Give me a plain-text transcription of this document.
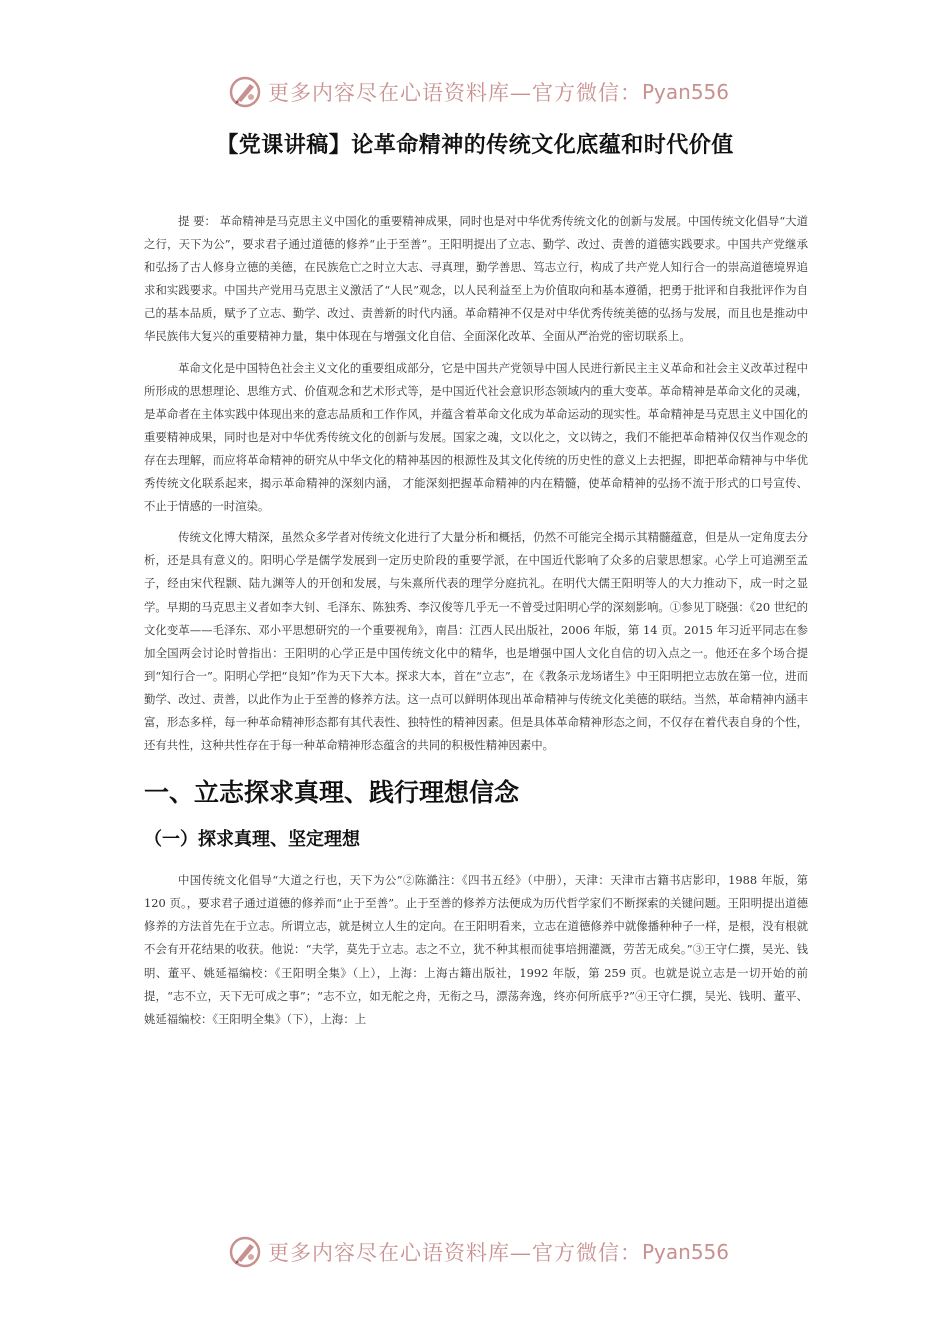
更多内容尽在心语资料库—官方微信： Pyan556
【党课讲稿】论革命精神的传统文化底蕴和时代价值

提 要： 革命精神是马克思主义中国化的重要精神成果，同时也是对中华优秀传统文化的创新与发展。中国传统文化倡导“大道之行，天下为公”，要求君子通过道德的修养“止于至善”。王阳明提出了立志、勤学、改过、责善的道德实践要求。中国共产党继承和弘扬了古人修身立德的美德，在民族危亡之时立大志、寻真理，勤学善思、笃志立行，构成了共产党人知行合一的崇高道德境界追求和实践要求。中国共产党用马克思主义激活了“人民”观念，以人民利益至上为价值取向和基本遵循，把勇于批评和自我批评作为自己的基本品质，赋予了立志、勤学、改过、责善新的时代内涵。革命精神不仅是对中华优秀传统美德的弘扬与发展，而且也是推动中华民族伟大复兴的重要精神力量，集中体现在与增强文化自信、全面深化改革、全面从严治党的密切联系上。

革命文化是中国特色社会主义文化的重要组成部分，它是中国共产党领导中国人民进行新民主主义革命和社会主义改革过程中所形成的思想理论、思维方式、价值观念和艺术形式等，是中国近代社会意识形态领域内的重大变革。革命精神是革命文化的灵魂，是革命者在主体实践中体现出来的意志品质和工作作风，并蕴含着革命文化成为革命运动的现实性。革命精神是马克思主义中国化的重要精神成果，同时也是对中华优秀传统文化的创新与发展。国家之魂，文以化之，文以铸之，我们不能把革命精神仅仅当作观念的存在去理解，而应将革命精神的研究从中华文化的精神基因的根源性及其文化传统的历史性的意义上去把握，即把革命精神与中华优秀传统文化联系起来，揭示革命精神的深刻内涵， 才能深刻把握革命精神的内在精髓，使革命精神的弘扬不流于形式的口号宣传、不止于情感的一时渲染。

传统文化博大精深，虽然众多学者对传统文化进行了大量分析和概括，仍然不可能完全揭示其精髓蕴意，但是从一定角度去分析，还是具有意义的。阳明心学是儒学发展到一定历史阶段的重要学派，在中国近代影响了众多的启蒙思想家。心学上可追溯至孟子，经由宋代程颢、陆九渊等人的开创和发展，与朱熹所代表的理学分庭抗礼。在明代大儒王阳明等人的大力推动下，成一时之显学。早期的马克思主义者如李大钊、毛泽东、陈独秀、李汉俊等几乎无一不曾受过阳明心学的深刻影响。①参见丁晓强：《20 世纪的文化变革——毛泽东、邓小平思想研究的一个重要视角》，南昌：江西人民出版社，2006 年版，第 14 页。2015 年习近平同志在参加全国两会讨论时曾指出：王阳明的心学正是中国传统文化中的精华，也是增强中国人文化自信的切入点之一。他还在多个场合提到“知行合一”。阳明心学把“良知”作为天下大本。探求大本，首在“立志”，在《教条示龙场诸生》中王阳明把立志放在第一位，进而勤学、改过、责善，以此作为止于至善的修养方法。这一点可以鲜明体现出革命精神与传统文化美德的联结。当然，革命精神内涵丰富，形态多样，每一种革命精神形态都有其代表性、独特性的精神因素。但是具体革命精神形态之间，不仅存在着代表自身的个性，还有共性，这种共性存在于每一种革命精神形态蕴含的共同的积极性精神因素中。

一、立志探求真理、践行理想信念
（一）探求真理、坚定理想

中国传统文化倡导“大道之行也，天下为公”②陈澔注：《四书五经》（中册），天津：天津市古籍书店影印，1988 年版，第 120 页。，要求君子通过道德的修养而“止于至善”。止于至善的修养方法便成为历代哲学家们不断探索的关键问题。王阳明提出道德修养的方法首先在于立志。所谓立志，就是树立人生的定向。在王阳明看来，立志在道德修养中就像播种种子一样，是根，没有根就不会有开花结果的收获。他说：“夫学，莫先于立志。志之不立，犹不种其根而徒事培拥灌溉，劳苦无成矣。”③王守仁撰，吴光、钱明、董平、姚延福编校：《王阳明全集》（上），上海：上海古籍出版社，1992 年版，第 259 页。也就是说立志是一切开始的前提，“志不立，天下无可成之事”；“志不立，如无舵之舟，无衔之马，漂荡奔逸，终亦何所底乎?”④王守仁撰，吴光、钱明、董平、姚延福编校：《王阳明全集》（下），上海：上

更多内容尽在心语资料库—官方微信： Pyan556
